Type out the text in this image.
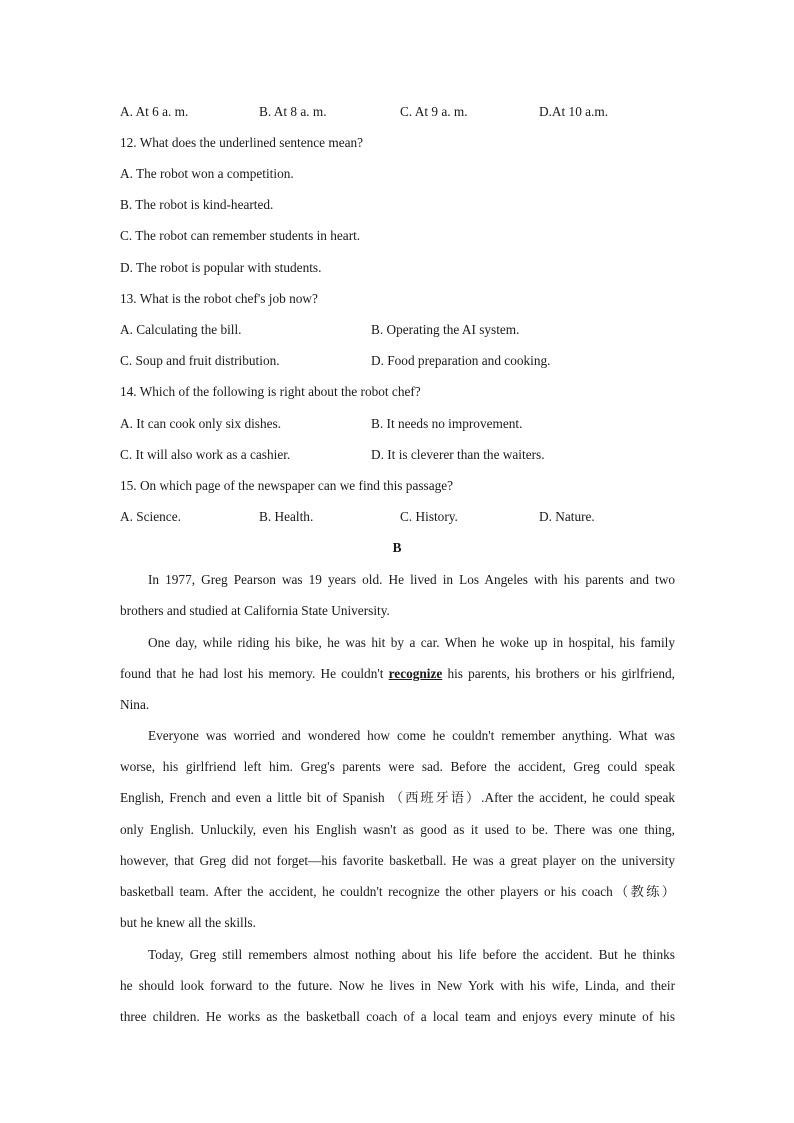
A. At 6 a. m.	B. At 8 a. m.	C. At 9 a. m.	D.At 10 a.m.
12. What does the underlined sentence mean?
A. The robot won a competition.
B. The robot is kind-hearted.
C. The robot can remember students in heart.
D. The robot is popular with students.
13. What is the robot chef's job now?
A. Calculating the bill.	B. Operating the AI system.
C. Soup and fruit distribution.	D. Food preparation and cooking.
14. Which of the following is right about the robot chef?
A. It can cook only six dishes.	B. It needs no improvement.
C. It will also work as a cashier.	D. It is cleverer than the waiters.
15. On which page of the newspaper can we find this passage?
A. Science.	B. Health.	C. History.	D. Nature.
B
In 1977, Greg Pearson was 19 years old. He lived in Los Angeles with his parents and two
brothers and studied at California State University.
One day, while riding his bike, he was hit by a car. When he woke up in hospital, his family
found that he had lost his memory. He couldn't recognize his parents, his brothers or his girlfriend,
Nina.
Everyone was worried and wondered how come he couldn't remember anything. What was
worse, his girlfriend left him. Greg's parents were sad. Before the accident, Greg could speak
English, French and even a little bit of Spanish （西班牙语）.After the accident, he could speak
only English. Unluckily, even his English wasn't as good as it used to be. There was one thing,
however, that Greg did not forget—his favorite basketball. He was a great player on the university
basketball team. After the accident, he couldn't recognize the other players or his coach（教练）
but he knew all the skills.
Today, Greg still remembers almost nothing about his life before the accident. But he thinks
he should look forward to the future. Now he lives in New York with his wife, Linda, and their
three children. He works as the basketball coach of a local team and enjoys every minute of his
